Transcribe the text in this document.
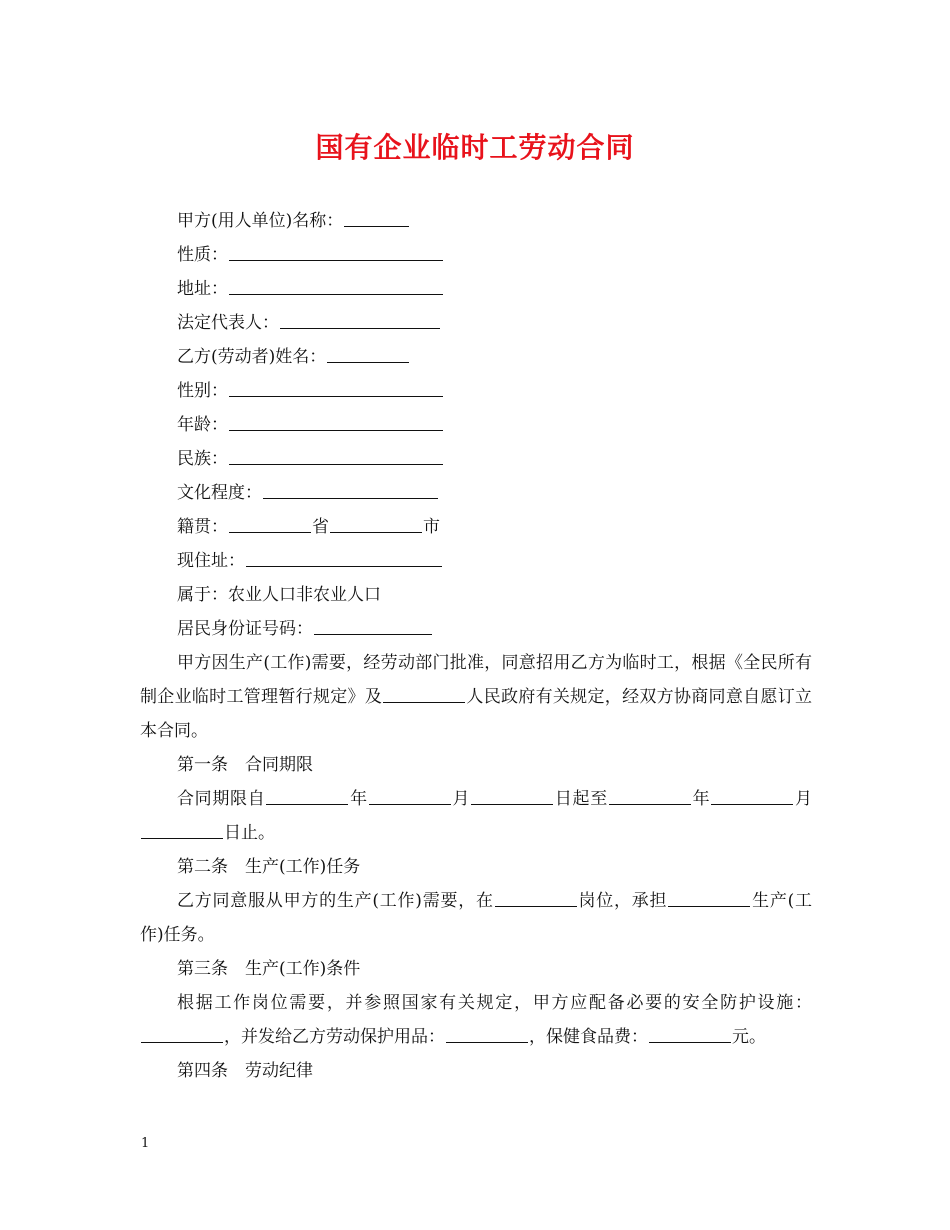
国有企业临时工劳动合同

甲方(用人单位)名称：

性质：

地址：

法定代表人：

乙方(劳动者)姓名：

性别：

年龄：

民族：

文化程度：

籍贯：	省	市

现住址：

属于：农业人口非农业人口

居民身份证号码：

甲方因生产(工作)需要，经劳动部门批准，同意招用乙方为临时工，根据《全民所有制企业临时工管理暂行规定》及	人民政府有关规定，经双方协商同意自愿订立本合同。

第一条　合同期限

合同期限自	年	月	日起至	年	月日止。

第二条　生产(工作)任务

乙方同意服从甲方的生产(工作)需要，在	岗位，承担	生产(工作)任务。

第三条　生产(工作)条件

根据工作岗位需要，并参照国家有关规定，甲方应配备必要的安全防护设施：，并发给乙方劳动保护用品：	，保健食品费：	元。

第四条　劳动纪律

1
